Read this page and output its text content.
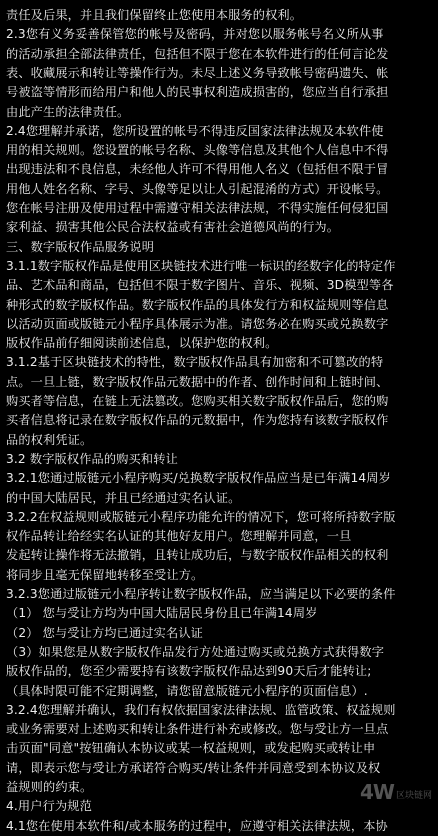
责任及后果，并且我们保留终止您使用本服务的权利。
2.3您有义务妥善保管您的帐号及密码，并对您以服务帐号名义所从事
的活动承担全部法律责任，包括但不限于您在本软件进行的任何言论发
表、收藏展示和转让等操作行为。未尽上述义务导致帐号密码遗失、帐
号被盗等情形而给用户和他人的民事权利造成损害的，您应当自行承担
由此产生的法律责任。
2.4您理解并承诺，您所设置的帐号不得违反国家法律法规及本软件使
用的相关规则。您设置的帐号名称、头像等信息及其他个人信息中不得
出现违法和不良信息，未经他人许可不得用他人名义（包括但不限于冒
用他人姓名名称、字号、头像等足以让人引起混淆的方式）开设帐号。
您在帐号注册及使用过程中需遵守相关法律法规，不得实施任何侵犯国
家利益、损害其他公民合法权益或有害社会道德风尚的行为。
三、数字版权作品服务说明
3.1.1数字版权作品是使用区块链技术进行唯一标识的经数字化的特定作
品、艺术品和商品，包括但不限于数字图片、音乐、视频、3D模型等各
种形式的数字版权作品。数字版权作品的具体发行方和权益规则等信息
以活动页面或版链元小程序具体展示为准。请您务必在购买或兑换数字
版权作品前仔细阅读前述信息，以保护您的权利。
3.1.2基于区块链技术的特性，数字版权作品具有加密和不可篡改的特
点。一旦上链，数字版权作品元数据中的作者、创作时间和上链时间、
购买者等信息，在链上无法篡改。您购买相关数字版权作品后，您的购
买者信息将记录在数字版权作品的元数据中，作为您持有该数字版权作
品的权利凭证。
3.2 数字版权作品的购买和转让
3.2.1您通过版链元小程序购买/兑换数字版权作品应当是已年满14周岁
的中国大陆居民，并且已经通过实名认证。
3.2.2在权益规则或版链元小程序功能允许的情况下，您可将所持数字版
权作品转让给经实名认证的其他好友用户。您理解并同意，一旦
发起转让操作将无法撤销，且转让成功后，与数字版权作品相关的权利
将同步且毫无保留地转移至受让方。
3.2.3您通过版链元小程序转让数字版权作品，应当满足以下必要的条件
（1） 您与受让方均为中国大陆居民身份且已年满14周岁
（2） 您与受让方均已通过实名认证
（3）如果您是从数字版权作品发行方处通过购买或兑换方式获得数字
版权作品的，您至少需要持有该数字版权作品达到90天后才能转让;
（具体时限可能不定期调整，请您留意版链元小程序的页面信息）.
3.2.4您理解并确认，我们有权依据国家法律法规、监管政策、权益规则
或业务需要对上述购买和转让条件进行补充或修改。您与受让方一旦点
击页面"同意"按钮确认本协议或某一权益规则，或发起购买或转让申
请，即表示您与受让方承诺符合购买/转让条件并同意受到本协议及权
益规则的约束。
4.用户行为规范
4.1您在使用本软件和/或本服务的过程中，应遵守相关法律法规，本协
4W 区块链网
